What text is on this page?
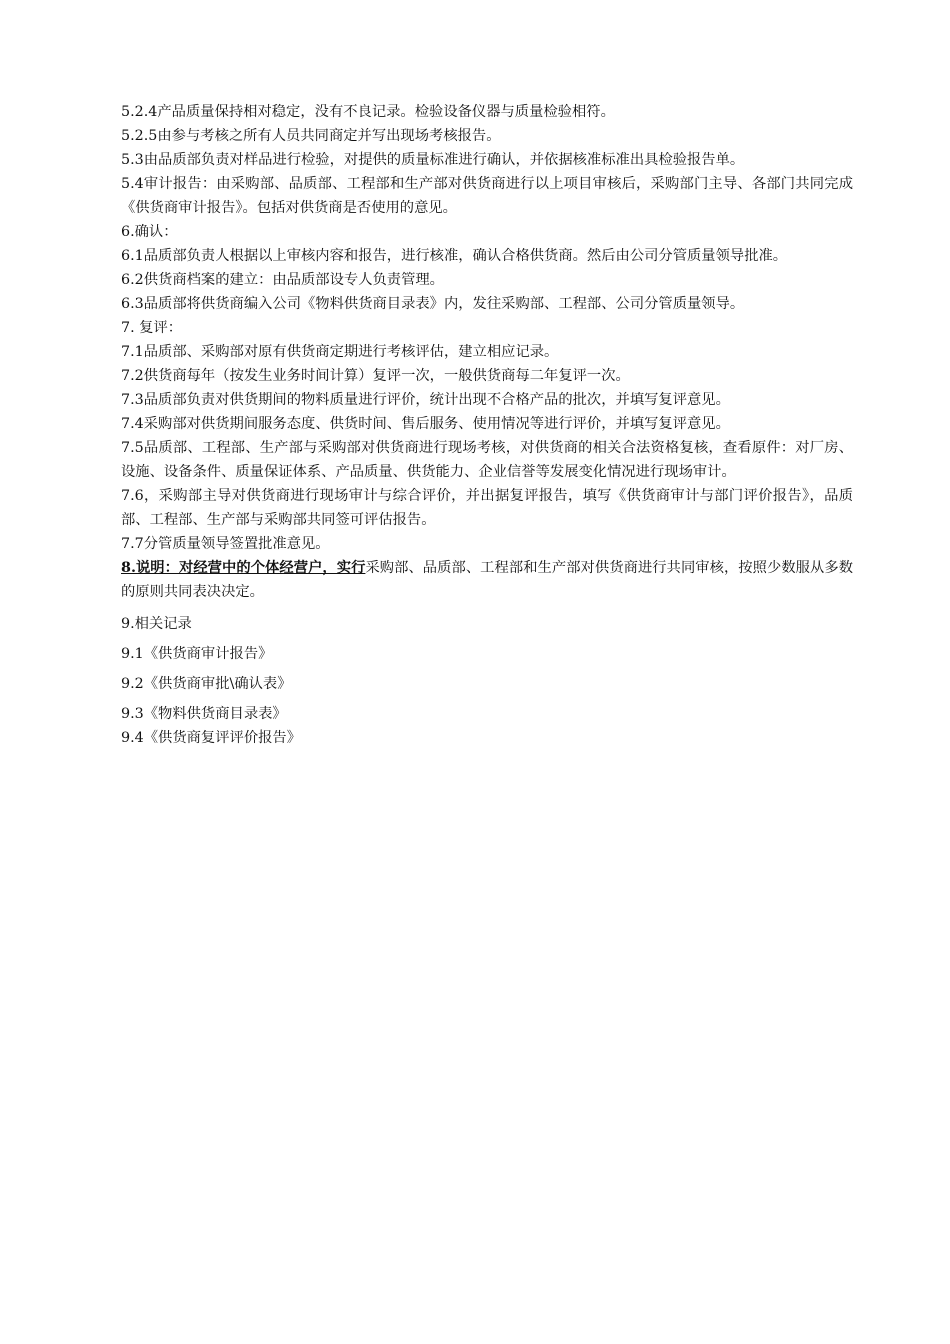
5.2.4产品质量保持相对稳定，没有不良记录。检验设备仪器与质量检验相符。

5.2.5由参与考核之所有人员共同商定并写出现场考核报告。

5.3由品质部负责对样品进行检验，对提供的质量标准进行确认，并依据核准标准出具检验报告单。

5.4审计报告：由采购部、品质部、工程部和生产部对供货商进行以上项目审核后，采购部门主导、各部门共同完成《供货商审计报告》。包括对供货商是否使用的意见。

6.确认：

6.1品质部负责人根据以上审核内容和报告，进行核准，确认合格供货商。然后由公司分管质量领导批准。

6.2供货商档案的建立：由品质部设专人负责管理。

6.3品质部将供货商编入公司《物料供货商目录表》内，发往采购部、工程部、公司分管质量领导。

7. 复评：

7.1品质部、采购部对原有供货商定期进行考核评估，建立相应记录。

7.2供货商每年（按发生业务时间计算）复评一次，一般供货商每二年复评一次。

7.3品质部负责对供货期间的物料质量进行评价，统计出现不合格产品的批次，并填写复评意见。

7.4采购部对供货期间服务态度、供货时间、售后服务、使用情况等进行评价，并填写复评意见。

7.5品质部、工程部、生产部与采购部对供货商进行现场考核，对供货商的相关合法资格复核，查看原件：对厂房、设施、设备条件、质量保证体系、产品质量、供货能力、企业信誉等发展变化情况进行现场审计。

7.6，采购部主导对供货商进行现场审计与综合评价，并出据复评报告，填写《供货商审计与部门评价报告》，品质部、工程部、生产部与采购部共同签可评估报告。

7.7分管质量领导签置批准意见。

8.说明：对经营中的个体经营户，实行采购部、品质部、工程部和生产部对供货商进行共同审核，按照少数服从多数的原则共同表决决定。

9.相关记录

9.1《供货商审计报告》

9.2《供货商审批\确认表》

9.3《物料供货商目录表》

9.4《供货商复评评价报告》
